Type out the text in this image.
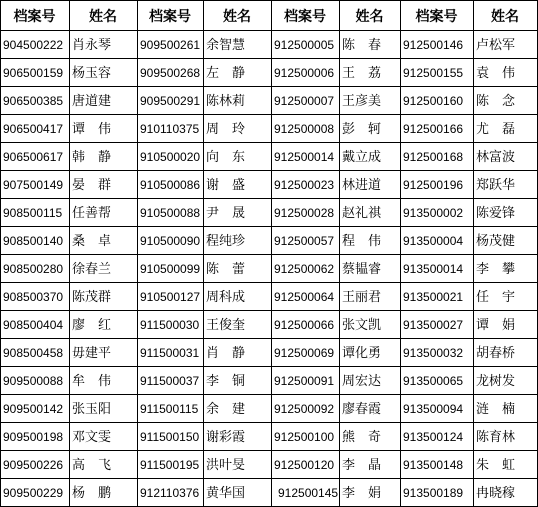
档案号 姓名 档案号 姓名 档案号 姓名 档案号 姓名
904500222 肖永琴 909500261 余智慧 912500005 陈　春 912500146 卢松军
906500159 杨玉容 909500268 左　静 912500006 王　荔 912500155 袁　伟
906500385 唐道建 909500291 陈林莉 912500007 王彦美 912500160 陈　念
906500417 谭　伟 910110375 周　玲 912500008 彭　轲 912500166 尤　磊
906500617 韩　静 910500020 向　东 912500014 戴立成 912500168 林富波
907500149 晏　群 910500086 谢　盛 912500023 林进道 912500196 郑跃华
908500115 任善帮 910500088 尹　晟 912500028 赵礼祺 913500002 陈爱锋
908500140 桑　卓 910500090 程纯珍 912500057 程　伟 913500004 杨茂健
908500280 徐春兰 910500099 陈　蕾 912500062 蔡韫睿 913500014 李　攀
908500370 陈茂群 910500127 周科成 912500064 王丽君 913500021 任　宇
908500404 廖　红 911500030 王俊奎 912500066 张文凯 913500027 谭　娟
908500458 毋建平 911500031 肖　静 912500069 谭化勇 913500032 胡春桥
909500088 牟　伟 911500037 李　铜 912500091 周宏达 913500065 龙树发
909500142 张玉阳 911500115 余　建 912500092 廖春霞 913500094 涟　楠
909500198 邓文雯 911500150 谢彩霞 912500100 熊　奇 913500124 陈育林
909500226 高　飞 911500195 洪叶旻 912500120 李　晶 913500148 朱　虹
909500229 杨　鹏 912110376 黄华国	912500145 李　娟 913500189 冉晓稼
